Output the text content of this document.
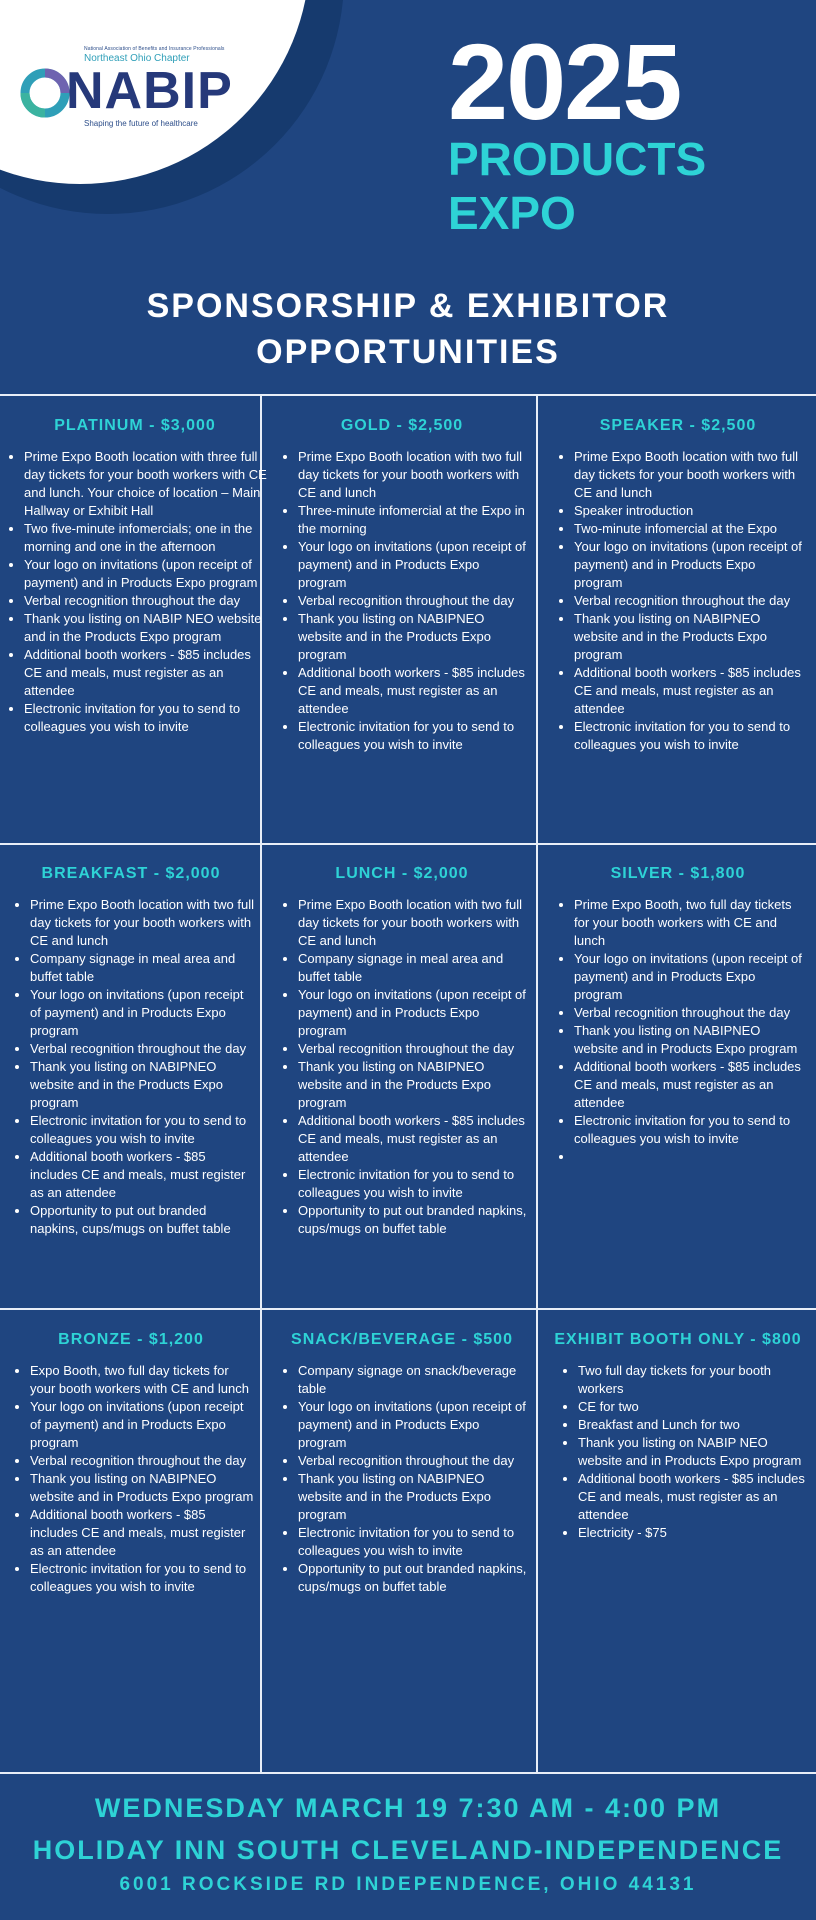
National Association of Benefits and Insurance Professionals
Northeast Ohio Chapter
NABIP
Shaping the future of healthcare 2025
PRODUCTS
EXPO
SPONSORSHIP & EXHIBITOR
OPPORTUNITIES
PLATINUM - $3,000
• Prime Expo Booth location with three full day tickets for your booth workers with CE and lunch. Your choice of location – Main Hallway or Exhibit Hall
• Two five-minute infomercials; one in the morning and one in the afternoon
• Your logo on invitations (upon receipt of payment) and in Products Expo program
• Verbal recognition throughout the day
• Thank you listing on NABIP NEO website and in the Products Expo program
• Additional booth workers - $85 includes CE and meals, must register as an attendee
• Electronic invitation for you to send to colleagues you wish to invite
GOLD - $2,500
• Prime Expo Booth location with two full day tickets for your booth workers with CE and lunch
• Three-minute infomercial at the Expo in the morning
• Your logo on invitations (upon receipt of payment) and in Products Expo program
• Verbal recognition throughout the day
• Thank you listing on NABIPNEO website and in the Products Expo program
• Additional booth workers - $85 includes CE and meals, must register as an attendee
• Electronic invitation for you to send to colleagues you wish to invite
SPEAKER - $2,500
• Prime Expo Booth location with two full day tickets for your booth workers with CE and lunch
• Speaker introduction
• Two-minute infomercial at the Expo
• Your logo on invitations (upon receipt of payment) and in Products Expo program
• Verbal recognition throughout the day
• Thank you listing on NABIPNEO website and in the Products Expo program
• Additional booth workers - $85 includes CE and meals, must register as an attendee
• Electronic invitation for you to send to colleagues you wish to invite
BREAKFAST - $2,000
• Prime Expo Booth location with two full day tickets for your booth workers with CE and lunch
• Company signage in meal area and buffet table
• Your logo on invitations (upon receipt of payment) and in Products Expo program
• Verbal recognition throughout the day
• Thank you listing on NABIPNEO website and in the Products Expo program
• Electronic invitation for you to send to colleagues you wish to invite
• Additional booth workers - $85 includes CE and meals, must register as an attendee
• Opportunity to put out branded napkins, cups/mugs on buffet table
LUNCH - $2,000
• Prime Expo Booth location with two full day tickets for your booth workers with CE and lunch
• Company signage in meal area and buffet table
• Your logo on invitations (upon receipt of payment) and in Products Expo program
• Verbal recognition throughout the day
• Thank you listing on NABIPNEO website and in the Products Expo program
• Additional booth workers - $85 includes CE and meals, must register as an attendee
• Electronic invitation for you to send to colleagues you wish to invite
• Opportunity to put out branded napkins, cups/mugs on buffet table
SILVER - $1,800
• Prime Expo Booth, two full day tickets for your booth workers with CE and lunch
• Your logo on invitations (upon receipt of payment) and in Products Expo program
• Verbal recognition throughout the day
• Thank you listing on NABIPNEO website and in Products Expo program
• Additional booth workers - $85 includes CE and meals, must register as an attendee
• Electronic invitation for you to send to colleagues you wish to invite
•
BRONZE - $1,200
• Expo Booth, two full day tickets for your booth workers with CE and lunch
• Your logo on invitations (upon receipt of payment) and in Products Expo program
• Verbal recognition throughout the day
• Thank you listing on NABIPNEO website and in Products Expo program
• Additional booth workers - $85 includes CE and meals, must register as an attendee
• Electronic invitation for you to send to colleagues you wish to invite
SNACK/BEVERAGE - $500
• Company signage on snack/beverage table
• Your logo on invitations (upon receipt of payment) and in Products Expo program
• Verbal recognition throughout the day
• Thank you listing on NABIPNEO website and in the Products Expo program
• Electronic invitation for you to send to colleagues you wish to invite
• Opportunity to put out branded napkins, cups/mugs on buffet table
EXHIBIT BOOTH ONLY - $800
• Two full day tickets for your booth workers
• CE for two
• Breakfast and Lunch for two
• Thank you listing on NABIP NEO website and in Products Expo program
• Additional booth workers - $85 includes CE and meals, must register as an attendee
• Electricity - $75
WEDNESDAY MARCH 19 7:30 AM - 4:00 PM
HOLIDAY INN SOUTH CLEVELAND-INDEPENDENCE
6001 ROCKSIDE RD INDEPENDENCE, OHIO 44131
